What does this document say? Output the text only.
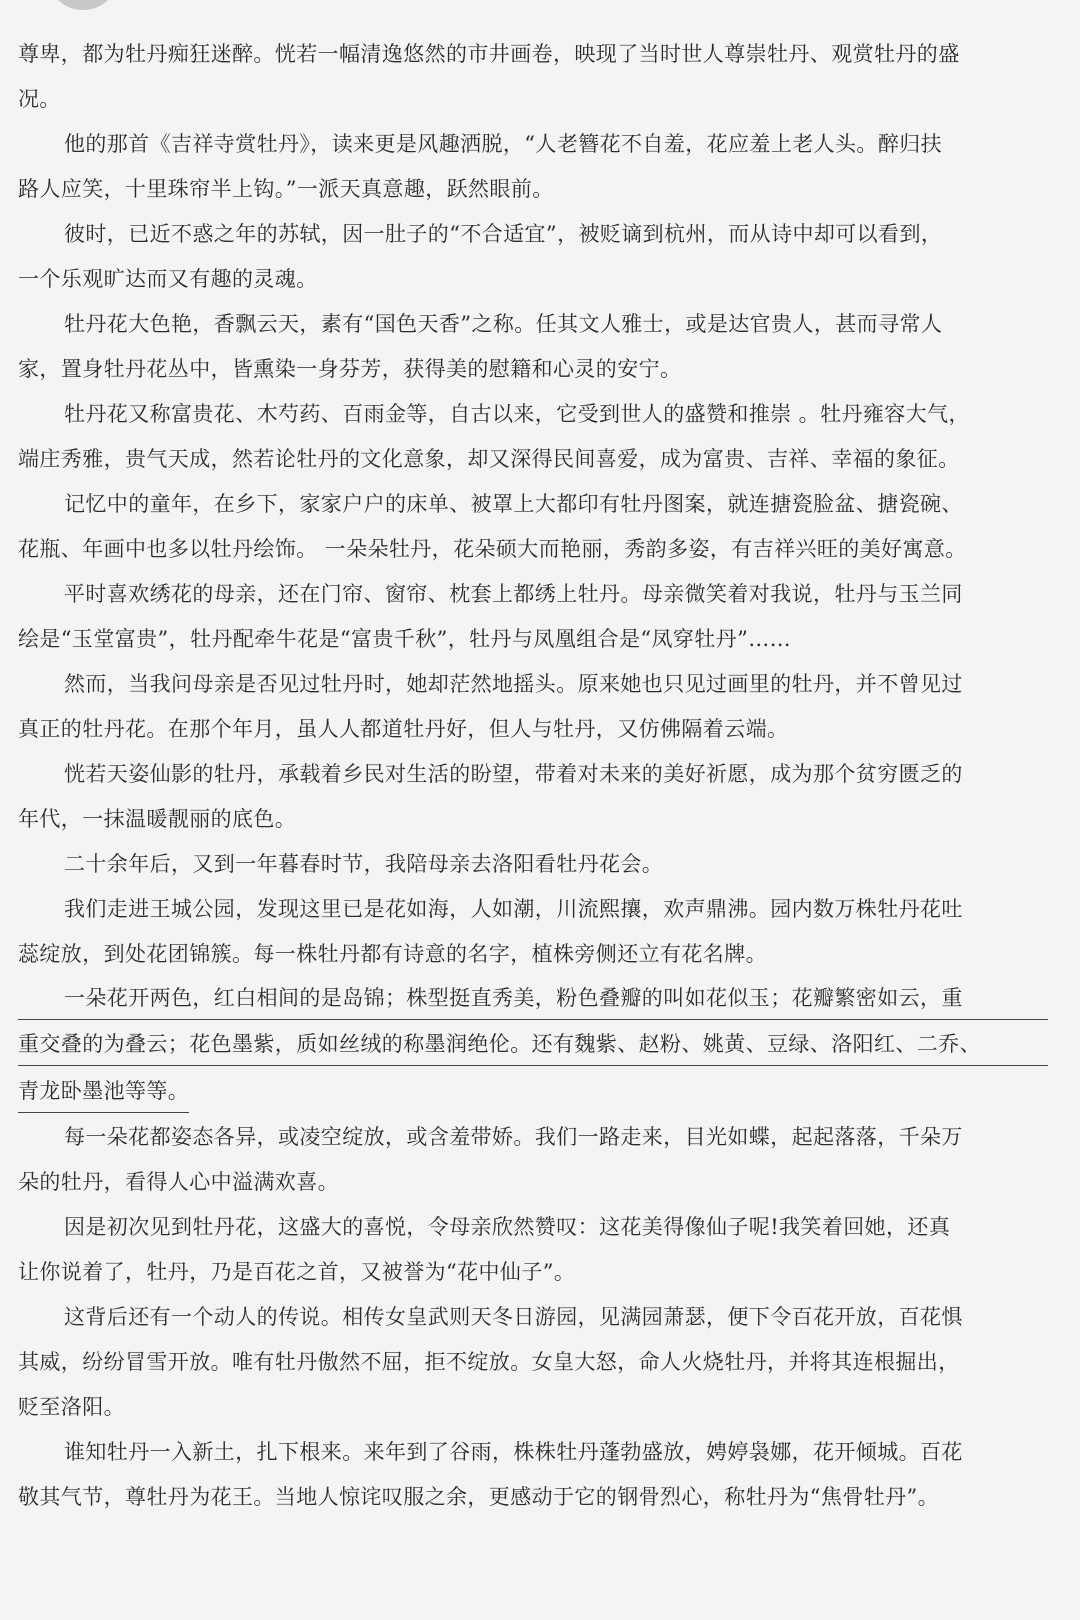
尊卑，都为牡丹痴狂迷醉。恍若一幅清逸悠然的市井画卷，映现了当时世人尊崇牡丹、观赏牡丹的盛
况。
他的那首《吉祥寺赏牡丹》，读来更是风趣洒脱，“人老簪花不自羞，花应羞上老人头。醉归扶
路人应笑，十里珠帘半上钩。”一派天真意趣，跃然眼前。
彼时，已近不惑之年的苏轼，因一肚子的“不合适宜”，被贬谪到杭州，而从诗中却可以看到，
一个乐观旷达而又有趣的灵魂。
牡丹花大色艳，香飘云天，素有“国色天香”之称。任其文人雅士，或是达官贵人，甚而寻常人
家，置身牡丹花丛中，皆熏染一身芬芳，获得美的慰籍和心灵的安宁。
牡丹花又称富贵花、木芍药、百雨金等，自古以来，它受到世人的盛赞和推崇 。牡丹雍容大气，
端庄秀雅，贵气天成，然若论牡丹的文化意象，却又深得民间喜爱，成为富贵、吉祥、幸福的象征。
记忆中的童年，在乡下，家家户户的床单、被罩上大都印有牡丹图案，就连搪瓷脸盆、搪瓷碗、
花瓶、年画中也多以牡丹绘饰。 一朵朵牡丹，花朵硕大而艳丽，秀韵多姿，有吉祥兴旺的美好寓意。
平时喜欢绣花的母亲，还在门帘、窗帘、枕套上都绣上牡丹。母亲微笑着对我说，牡丹与玉兰同
绘是“玉堂富贵”，牡丹配牵牛花是“富贵千秋”，牡丹与凤凰组合是“凤穿牡丹”……
然而，当我问母亲是否见过牡丹时，她却茫然地摇头。原来她也只见过画里的牡丹，并不曾见过
真正的牡丹花。在那个年月，虽人人都道牡丹好，但人与牡丹，又仿佛隔着云端。
恍若天姿仙影的牡丹，承载着乡民对生活的盼望，带着对未来的美好祈愿，成为那个贫穷匮乏的
年代，一抹温暖靓丽的底色。
二十余年后，又到一年暮春时节，我陪母亲去洛阳看牡丹花会。
我们走进王城公园，发现这里已是花如海，人如潮，川流熙攘，欢声鼎沸。园内数万株牡丹花吐
蕊绽放，到处花团锦簇。每一株牡丹都有诗意的名字，植株旁侧还立有花名牌。
一朵花开两色，红白相间的是岛锦；株型挺直秀美，粉色叠瓣的叫如花似玉；花瓣繁密如云，重
重交叠的为叠云；花色墨紫，质如丝绒的称墨润绝伦。还有魏紫、赵粉、姚黄、豆绿、洛阳红、二乔、
青龙卧墨池等等。
每一朵花都姿态各异，或凌空绽放，或含羞带娇。我们一路走来，目光如蝶，起起落落，千朵万
朵的牡丹，看得人心中溢满欢喜。
因是初次见到牡丹花，这盛大的喜悦，令母亲欣然赞叹：这花美得像仙子呢!我笑着回她，还真
让你说着了，牡丹，乃是百花之首，又被誉为“花中仙子”。
这背后还有一个动人的传说。相传女皇武则天冬日游园，见满园萧瑟，便下令百花开放，百花惧
其威，纷纷冒雪开放。唯有牡丹傲然不屈，拒不绽放。女皇大怒，命人火烧牡丹，并将其连根掘出，
贬至洛阳。
谁知牡丹一入新土，扎下根来。来年到了谷雨，株株牡丹蓬勃盛放，娉婷袅娜，花开倾城。百花
敬其气节，尊牡丹为花王。当地人惊诧叹服之余，更感动于它的钢骨烈心，称牡丹为“焦骨牡丹”。
